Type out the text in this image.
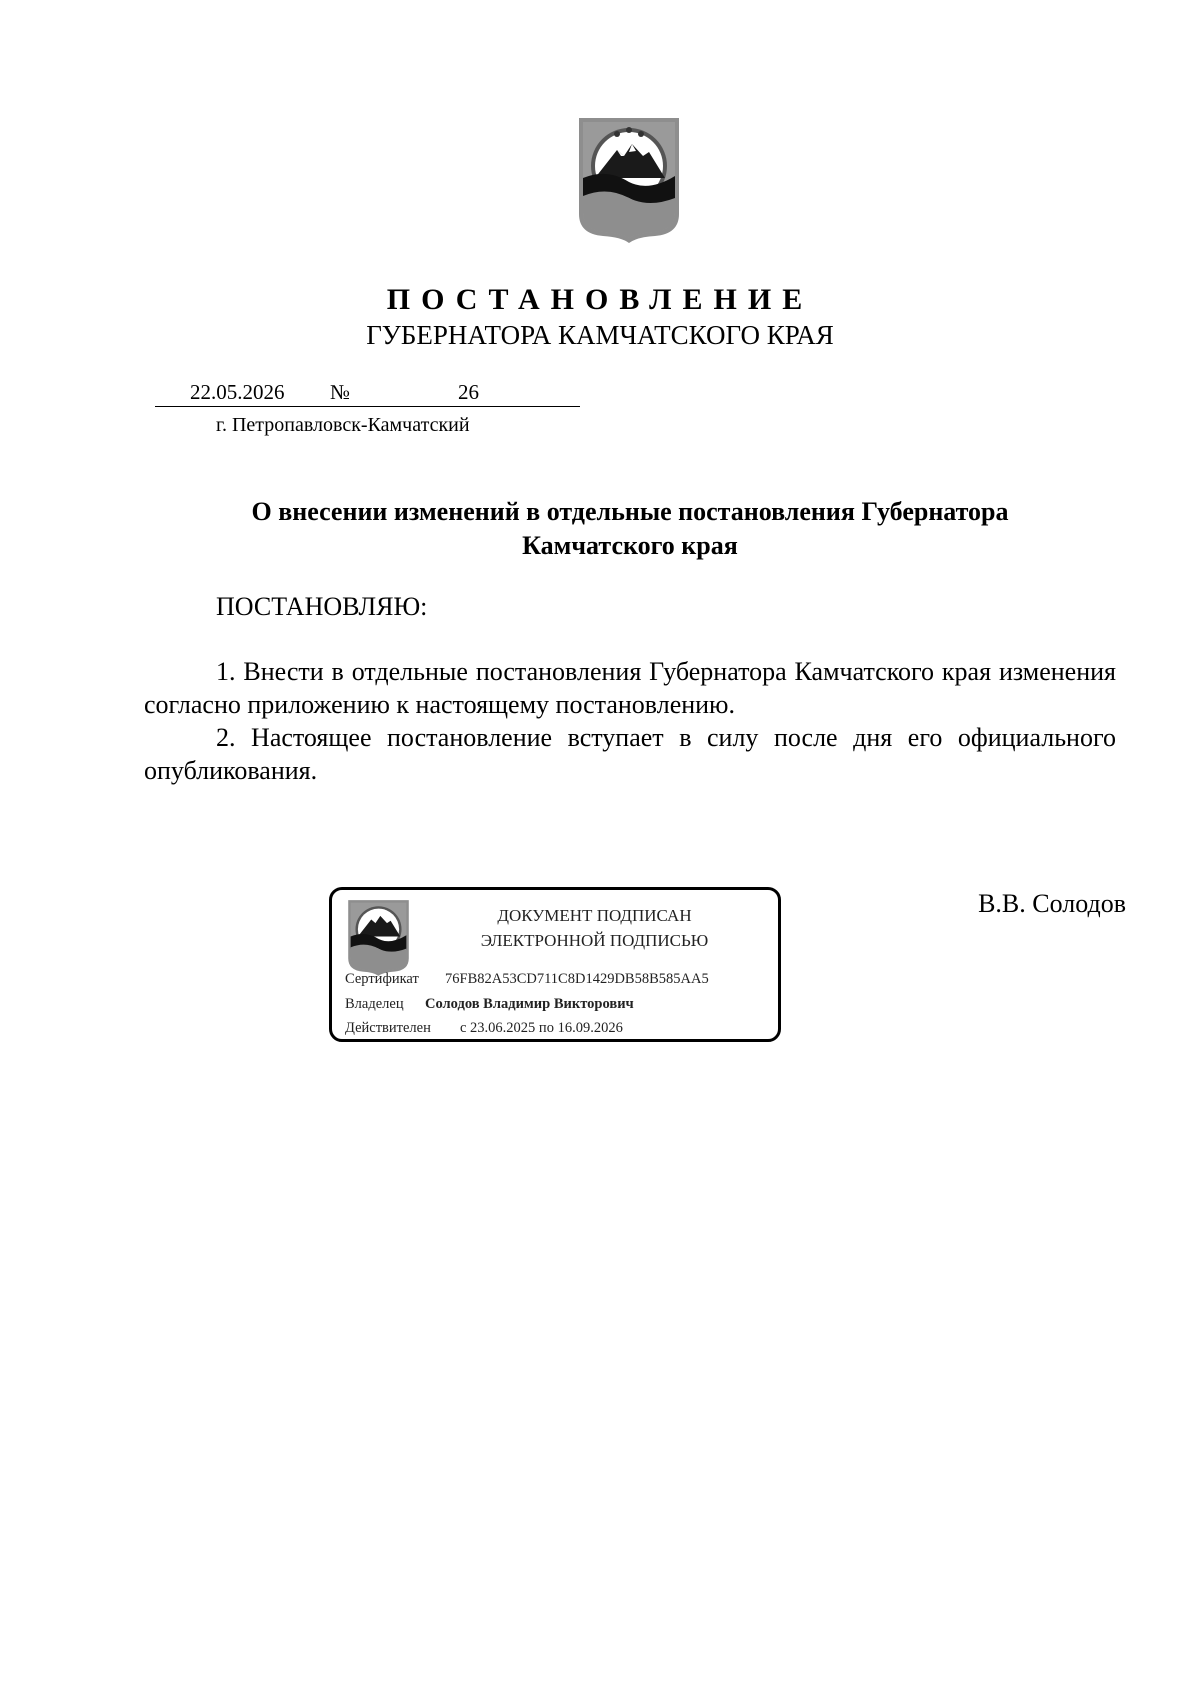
ПОСТАНОВЛЕНИЕ
ГУБЕРНАТОРА КАМЧАТСКОГО КРАЯ
22.05.2026 №	26
г. Петропавловск-Камчатский
О внесении изменений в отдельные постановления Губернатора
Камчатского края
ПОСТАНОВЛЯЮ:

1. Внести в отдельные постановления Губернатора Камчатского края изменения согласно приложению к настоящему постановлению.

2. Настоящее постановление вступает в силу после дня его официального опубликования.

ДОКУМЕНТ ПОДПИСАН
ЭЛЕКТРОННОЙ ПОДПИСЬЮ
Сертификат 76FB82A53CD711C8D1429DB58B585AA5
Владелец Солодов Владимир Викторович
Действителен с 23.06.2025 по 16.09.2026
В.В. Солодов
